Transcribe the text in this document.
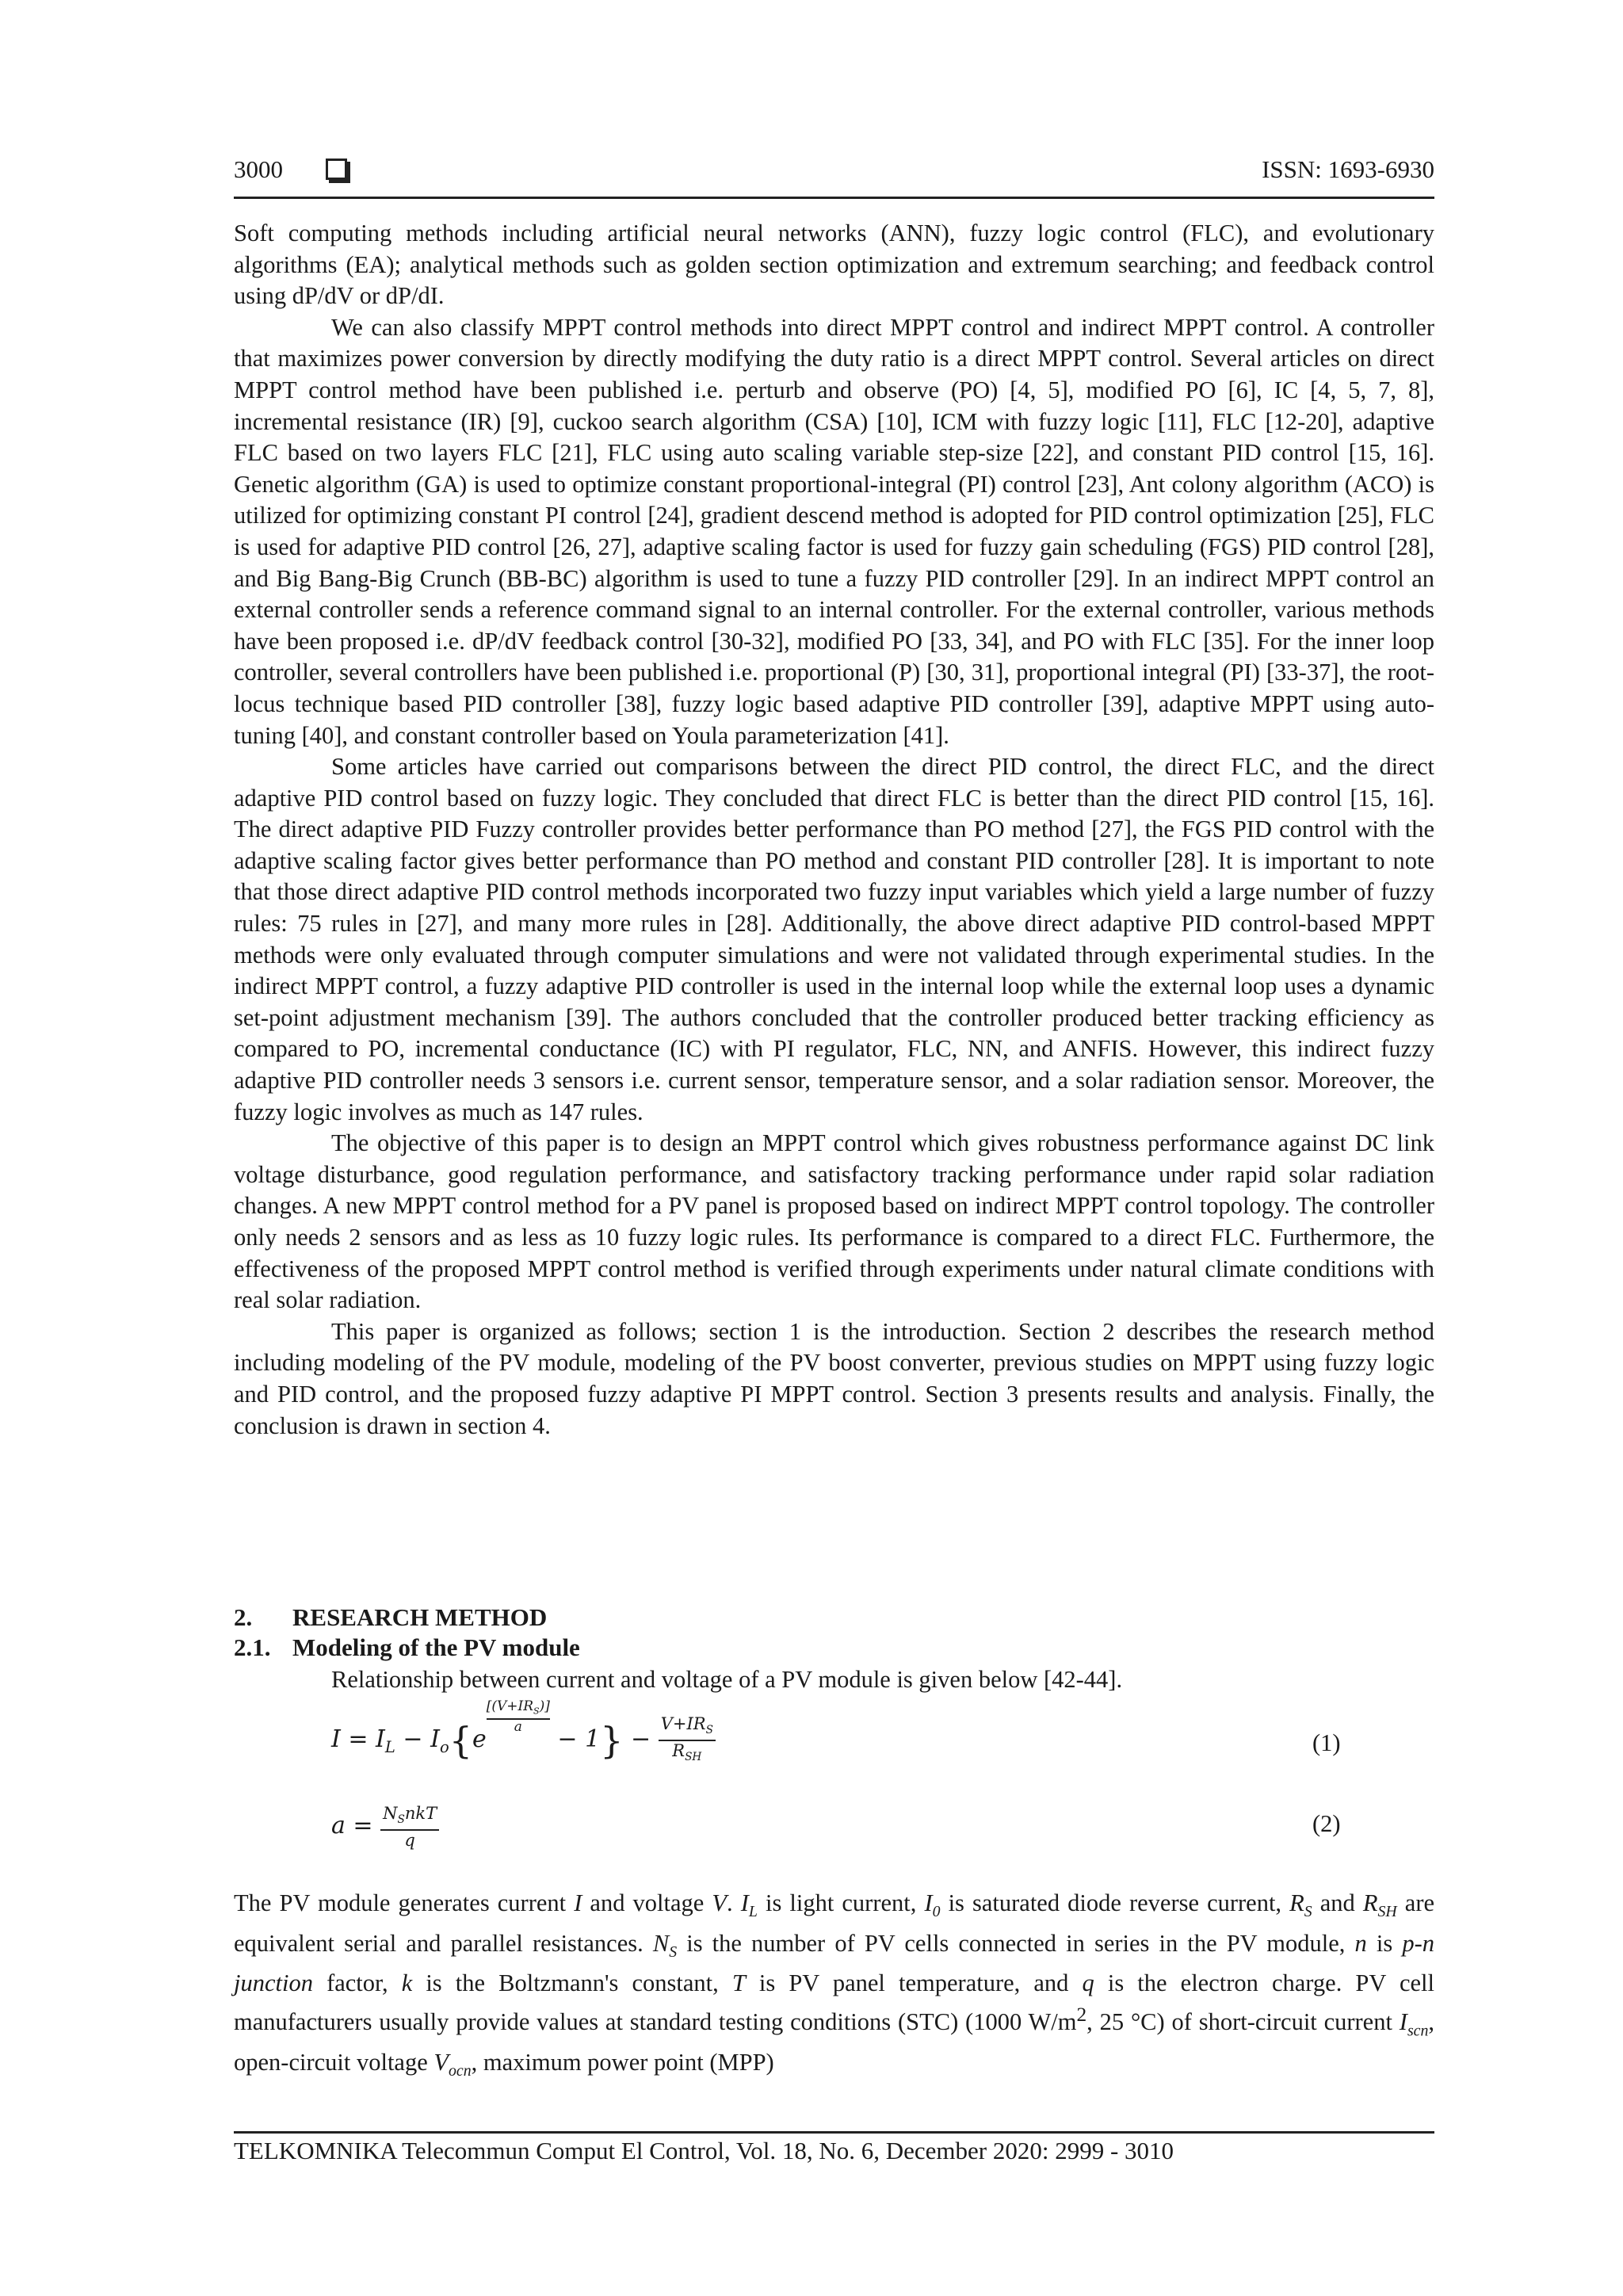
3000	ISSN: 1693-6930

Soft computing methods including artificial neural networks (ANN), fuzzy logic control (FLC), and evolutionary algorithms (EA); analytical methods such as golden section optimization and extremum searching; and feedback control using dP/dV or dP/dI.

We can also classify MPPT control methods into direct MPPT control and indirect MPPT control. A controller that maximizes power conversion by directly modifying the duty ratio is a direct MPPT control. Several articles on direct MPPT control method have been published i.e. perturb and observe (PO) [4, 5], modified PO [6], IC [4, 5, 7, 8], incremental resistance (IR) [9], cuckoo search algorithm (CSA) [10], ICM with fuzzy logic [11], FLC [12-20], adaptive FLC based on two layers FLC [21], FLC using auto scaling variable step-size [22], and constant PID control [15, 16]. Genetic algorithm (GA) is used to optimize constant proportional-integral (PI) control [23], Ant colony algorithm (ACO) is utilized for optimizing constant PI control [24], gradient descend method is adopted for PID control optimization [25], FLC is used for adaptive PID control [26, 27], adaptive scaling factor is used for fuzzy gain scheduling (FGS) PID control [28], and Big Bang-Big Crunch (BB-BC) algorithm is used to tune a fuzzy PID controller [29]. In an indirect MPPT control an external controller sends a reference command signal to an internal controller. For the external controller, various methods have been proposed i.e. dP/dV feedback control [30-32], modified PO [33, 34], and PO with FLC [35]. For the inner loop controller, several controllers have been published i.e. proportional (P) [30, 31], proportional integral (PI) [33-37], the root-locus technique based PID controller [38], fuzzy logic based adaptive PID controller [39], adaptive MPPT using auto-tuning [40], and constant controller based on Youla parameterization [41].

Some articles have carried out comparisons between the direct PID control, the direct FLC, and the direct adaptive PID control based on fuzzy logic. They concluded that direct FLC is better than the direct PID control [15, 16]. The direct adaptive PID Fuzzy controller provides better performance than PO method [27], the FGS PID control with the adaptive scaling factor gives better performance than PO method and constant PID controller [28]. It is important to note that those direct adaptive PID control methods incorporated two fuzzy input variables which yield a large number of fuzzy rules: 75 rules in [27], and many more rules in [28]. Additionally, the above direct adaptive PID control-based MPPT methods were only evaluated through computer simulations and were not validated through experimental studies. In the indirect MPPT control, a fuzzy adaptive PID controller is used in the internal loop while the external loop uses a dynamic set-point adjustment mechanism [39]. The authors concluded that the controller produced better tracking efficiency as compared to PO, incremental conductance (IC) with PI regulator, FLC, NN, and ANFIS. However, this indirect fuzzy adaptive PID controller needs 3 sensors i.e. current sensor, temperature sensor, and a solar radiation sensor. Moreover, the fuzzy logic involves as much as 147 rules.

The objective of this paper is to design an MPPT control which gives robustness performance against DC link voltage disturbance, good regulation performance, and satisfactory tracking performance under rapid solar radiation changes. A new MPPT control method for a PV panel is proposed based on indirect MPPT control topology. The controller only needs 2 sensors and as less as 10 fuzzy logic rules. Its performance is compared to a direct FLC. Furthermore, the effectiveness of the proposed MPPT control method is verified through experiments under natural climate conditions with real solar radiation.

This paper is organized as follows; section 1 is the introduction. Section 2 describes the research method including modeling of the PV module, modeling of the PV boost converter, previous studies on MPPT using fuzzy logic and PID control, and the proposed fuzzy adaptive PI MPPT control. Section 3 presents results and analysis. Finally, the conclusion is drawn in section 4.

2. RESEARCH METHOD
2.1. Modeling of the PV module
Relationship between current and voltage of a PV module is given below [42-44].
$I = I_L - I_o\{e$
$[(V+IR_S)]$
a	− $1\} - \frac{V+IR_S}{R_{SH}}$	(1)
$a = \frac{N_SnkT}{q}$	(2)

The PV module generates current I and voltage V. $I_L$ is light current, $I_0$ is saturated diode reverse current, $R_S$ and $R_{SH}$ are equivalent serial and parallel resistances. $N_S$ is the number of PV cells connected in series in the PV module, n is p-n junction factor, k is the Boltzmann's constant, T is PV panel temperature, and q is the electron charge. PV cell manufacturers usually provide values at standard testing conditions (STC) (1000 $W/m^2$, 25 °C) of short-circuit current $I_{scn}$, open-circuit voltage $V_{ocn}$, maximum power point (MPP)

TELKOMNIKA Telecommun Comput El Control, Vol. 18, No. 6, December 2020: 2999 - 3010
